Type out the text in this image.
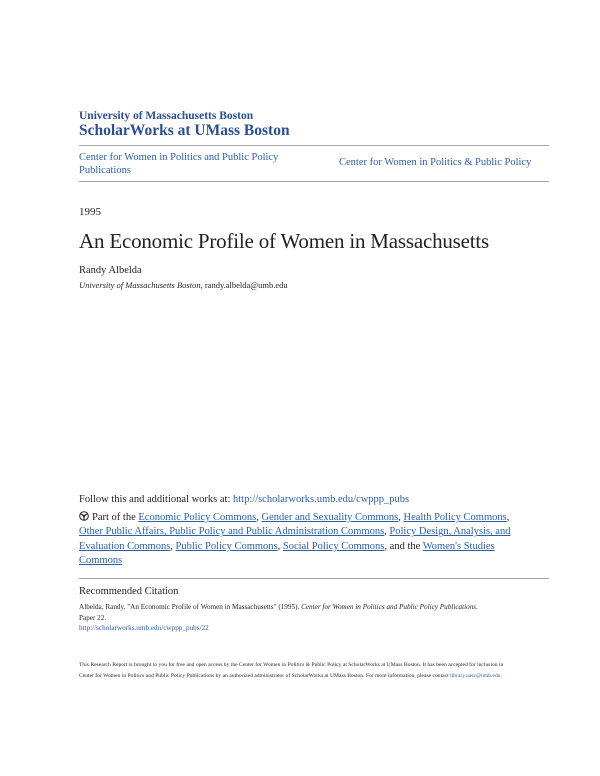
University of Massachusetts Boston
ScholarWorks at UMass Boston
Center for Women in Politics and Public Policy Publications
Center for Women in Politics & Public Policy
1995
An Economic Profile of Women in Massachusetts
Randy Albelda
University of Massachusetts Boston, randy.albelda@umb.edu
Follow this and additional works at: http://scholarworks.umb.edu/cwppp_pubs
Part of the Economic Policy Commons, Gender and Sexuality Commons, Health Policy Commons, Other Public Affairs, Public Policy and Public Administration Commons, Policy Design, Analysis, and Evaluation Commons, Public Policy Commons, Social Policy Commons, and the Women's Studies Commons
Recommended Citation
Albelda, Randy, "An Economic Profile of Women in Massachusetts" (1995). Center for Women in Politics and Public Policy Publications.
Paper 22.
http://scholarworks.umb.edu/cwppp_pubs/22
This Research Report is brought to you for free and open access by the Center for Women in Politics & Public Policy at ScholarWorks at UMass Boston. It has been accepted for inclusion in Center for Women in Politics and Public Policy Publications by an authorized administrator of ScholarWorks at UMass Boston. For more information, please contact library.uasc@umb.edu.
